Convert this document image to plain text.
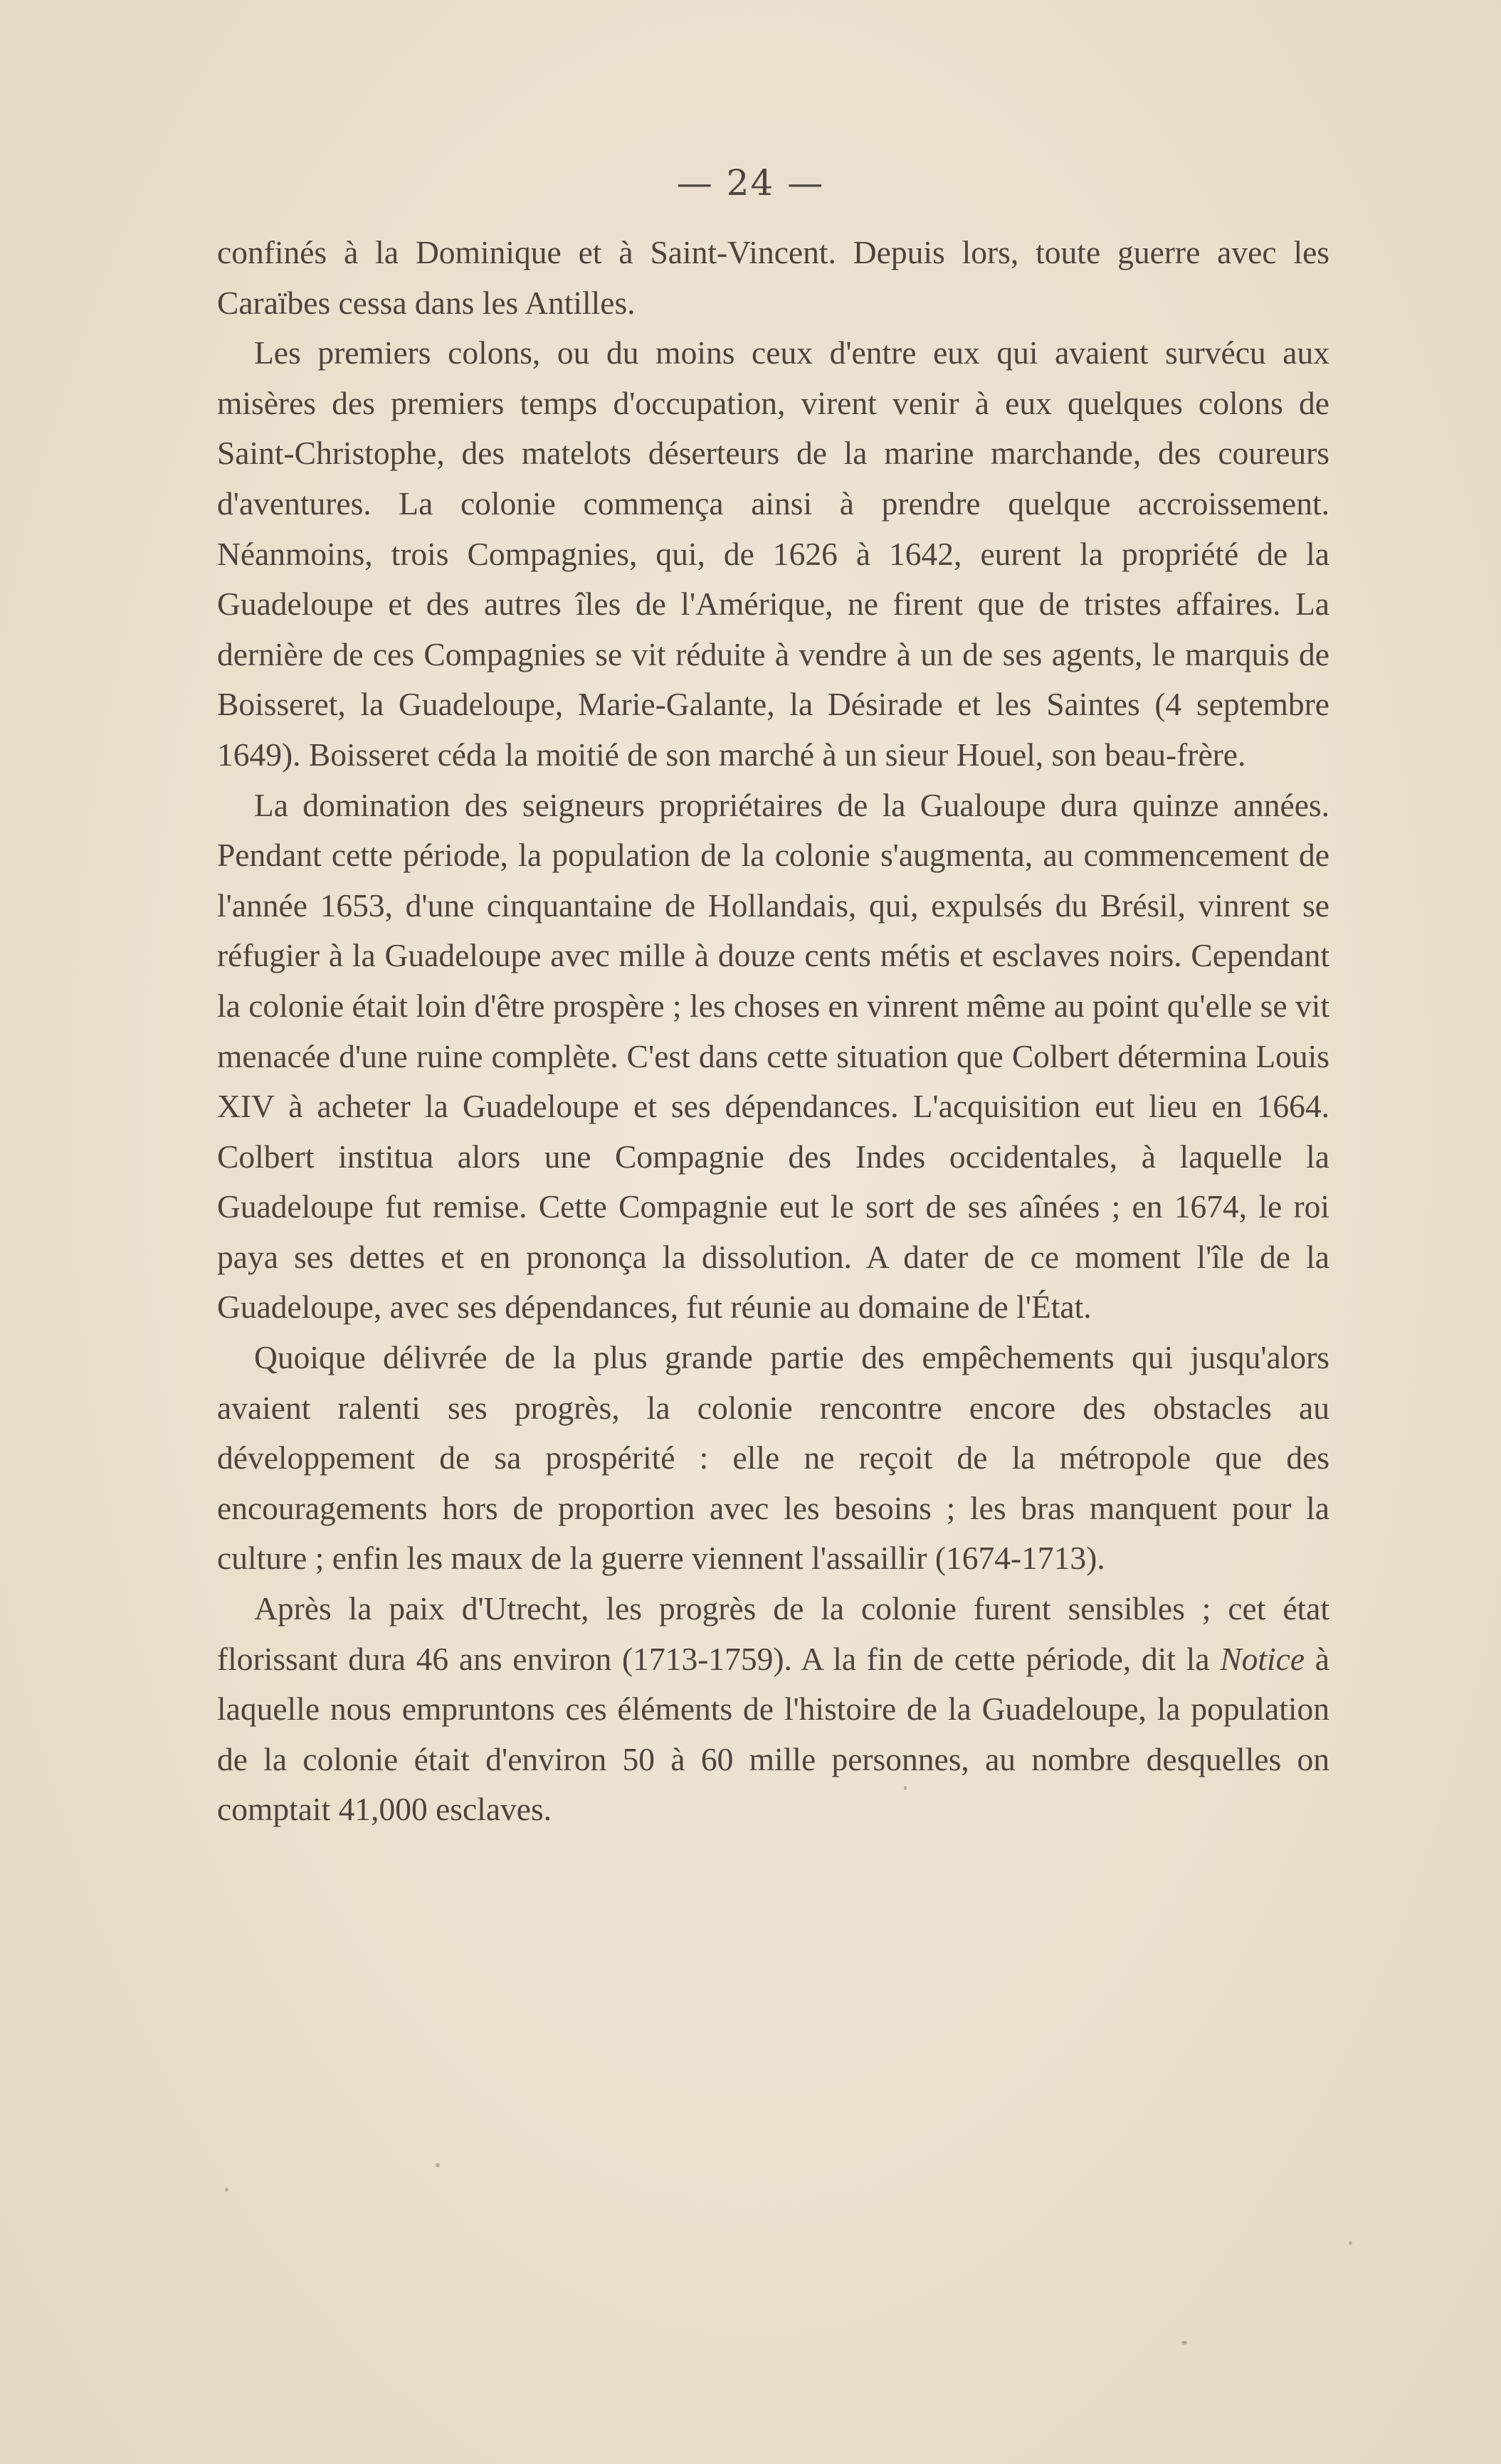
— 24 —

confinés à la Dominique et à Saint-Vincent. Depuis lors, toute guerre avec les Caraïbes cessa dans les Antilles.

Les premiers colons, ou du moins ceux d'entre eux qui avaient survécu aux misères des premiers temps d'occupation, virent venir à eux quelques colons de Saint-Christophe, des matelots déserteurs de la marine marchande, des coureurs d'aventures. La colonie commença ainsi à prendre quelque accroissement. Néanmoins, trois Compagnies, qui, de 1626 à 1642, eurent la propriété de la Guadeloupe et des autres îles de l'Amérique, ne firent que de tristes affaires. La dernière de ces Compagnies se vit réduite à vendre à un de ses agents, le marquis de Boisseret, la Guadeloupe, Marie-Galante, la Désirade et les Saintes (4 septembre 1649). Boisseret céda la moitié de son marché à un sieur Houel, son beau-frère.

La domination des seigneurs propriétaires de la Gualoupe dura quinze années. Pendant cette période, la population de la colonie s'augmenta, au commencement de l'année 1653, d'une cinquantaine de Hollandais, qui, expulsés du Brésil, vinrent se réfugier à la Guadeloupe avec mille à douze cents métis et esclaves noirs. Cependant la colonie était loin d'être prospère ; les choses en vinrent même au point qu'elle se vit menacée d'une ruine complète. C'est dans cette situation que Colbert détermina Louis XIV à acheter la Guadeloupe et ses dépendances. L'acquisition eut lieu en 1664. Colbert institua alors une Compagnie des Indes occidentales, à laquelle la Guadeloupe fut remise. Cette Compagnie eut le sort de ses aînées ; en 1674, le roi paya ses dettes et en prononça la dissolution. A dater de ce moment l'île de la Guadeloupe, avec ses dépendances, fut réunie au domaine de l'État.

Quoique délivrée de la plus grande partie des empêchements qui jusqu'alors avaient ralenti ses progrès, la colonie rencontre encore des obstacles au développement de sa prospérité : elle ne reçoit de la métropole que des encouragements hors de proportion avec les besoins ; les bras manquent pour la culture ; enfin les maux de la guerre viennent l'assaillir (1674-1713).

Après la paix d'Utrecht, les progrès de la colonie furent sensibles ; cet état florissant dura 46 ans environ (1713-1759). A la fin de cette période, dit la Notice à laquelle nous empruntons ces éléments de l'histoire de la Guadeloupe, la population de la colonie était d'environ 50 à 60 mille personnes, au nombre desquelles on comptait 41,000 esclaves.
